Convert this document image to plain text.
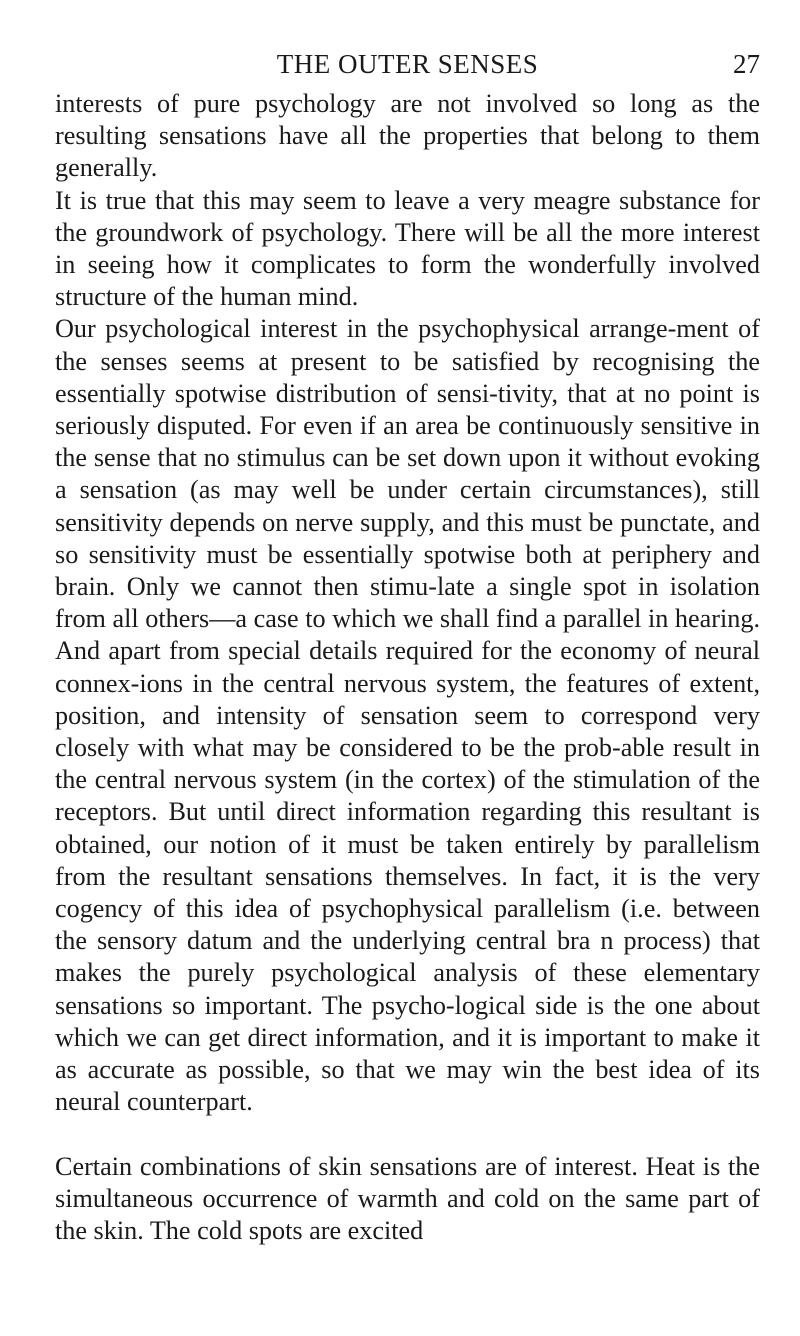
THE OUTER SENSES	27

interests of pure psychology are not involved so long as the resulting sensations have all the properties that belong to them generally.

It is true that this may seem to leave a very meagre substance for the groundwork of psychology. There will be all the more interest in seeing how it complicates to form the wonderfully involved structure of the human mind.

Our psychological interest in the psychophysical arrange-ment of the senses seems at present to be satisfied by recognising the essentially spotwise distribution of sensi-tivity, that at no point is seriously disputed. For even if an area be continuously sensitive in the sense that no stimulus can be set down upon it without evoking a sensation (as may well be under certain circumstances), still sensitivity depends on nerve supply, and this must be punctate, and so sensitivity must be essentially spotwise both at periphery and brain. Only we cannot then stimu-late a single spot in isolation from all others—a case to which we shall find a parallel in hearing. And apart from special details required for the economy of neural connex-ions in the central nervous system, the features of extent, position, and intensity of sensation seem to correspond very closely with what may be considered to be the prob-able result in the central nervous system (in the cortex) of the stimulation of the receptors. But until direct information regarding this resultant is obtained, our notion of it must be taken entirely by parallelism from the resultant sensations themselves. In fact, it is the very cogency of this idea of psychophysical parallelism (i.e. between the sensory datum and the underlying central bra n process) that makes the purely psychological analysis of these elementary sensations so important. The psycho-logical side is the one about which we can get direct information, and it is important to make it as accurate as possible, so that we may win the best idea of its neural counterpart.

Certain combinations of skin sensations are of interest. Heat is the simultaneous occurrence of warmth and cold on the same part of the skin. The cold spots are excited
